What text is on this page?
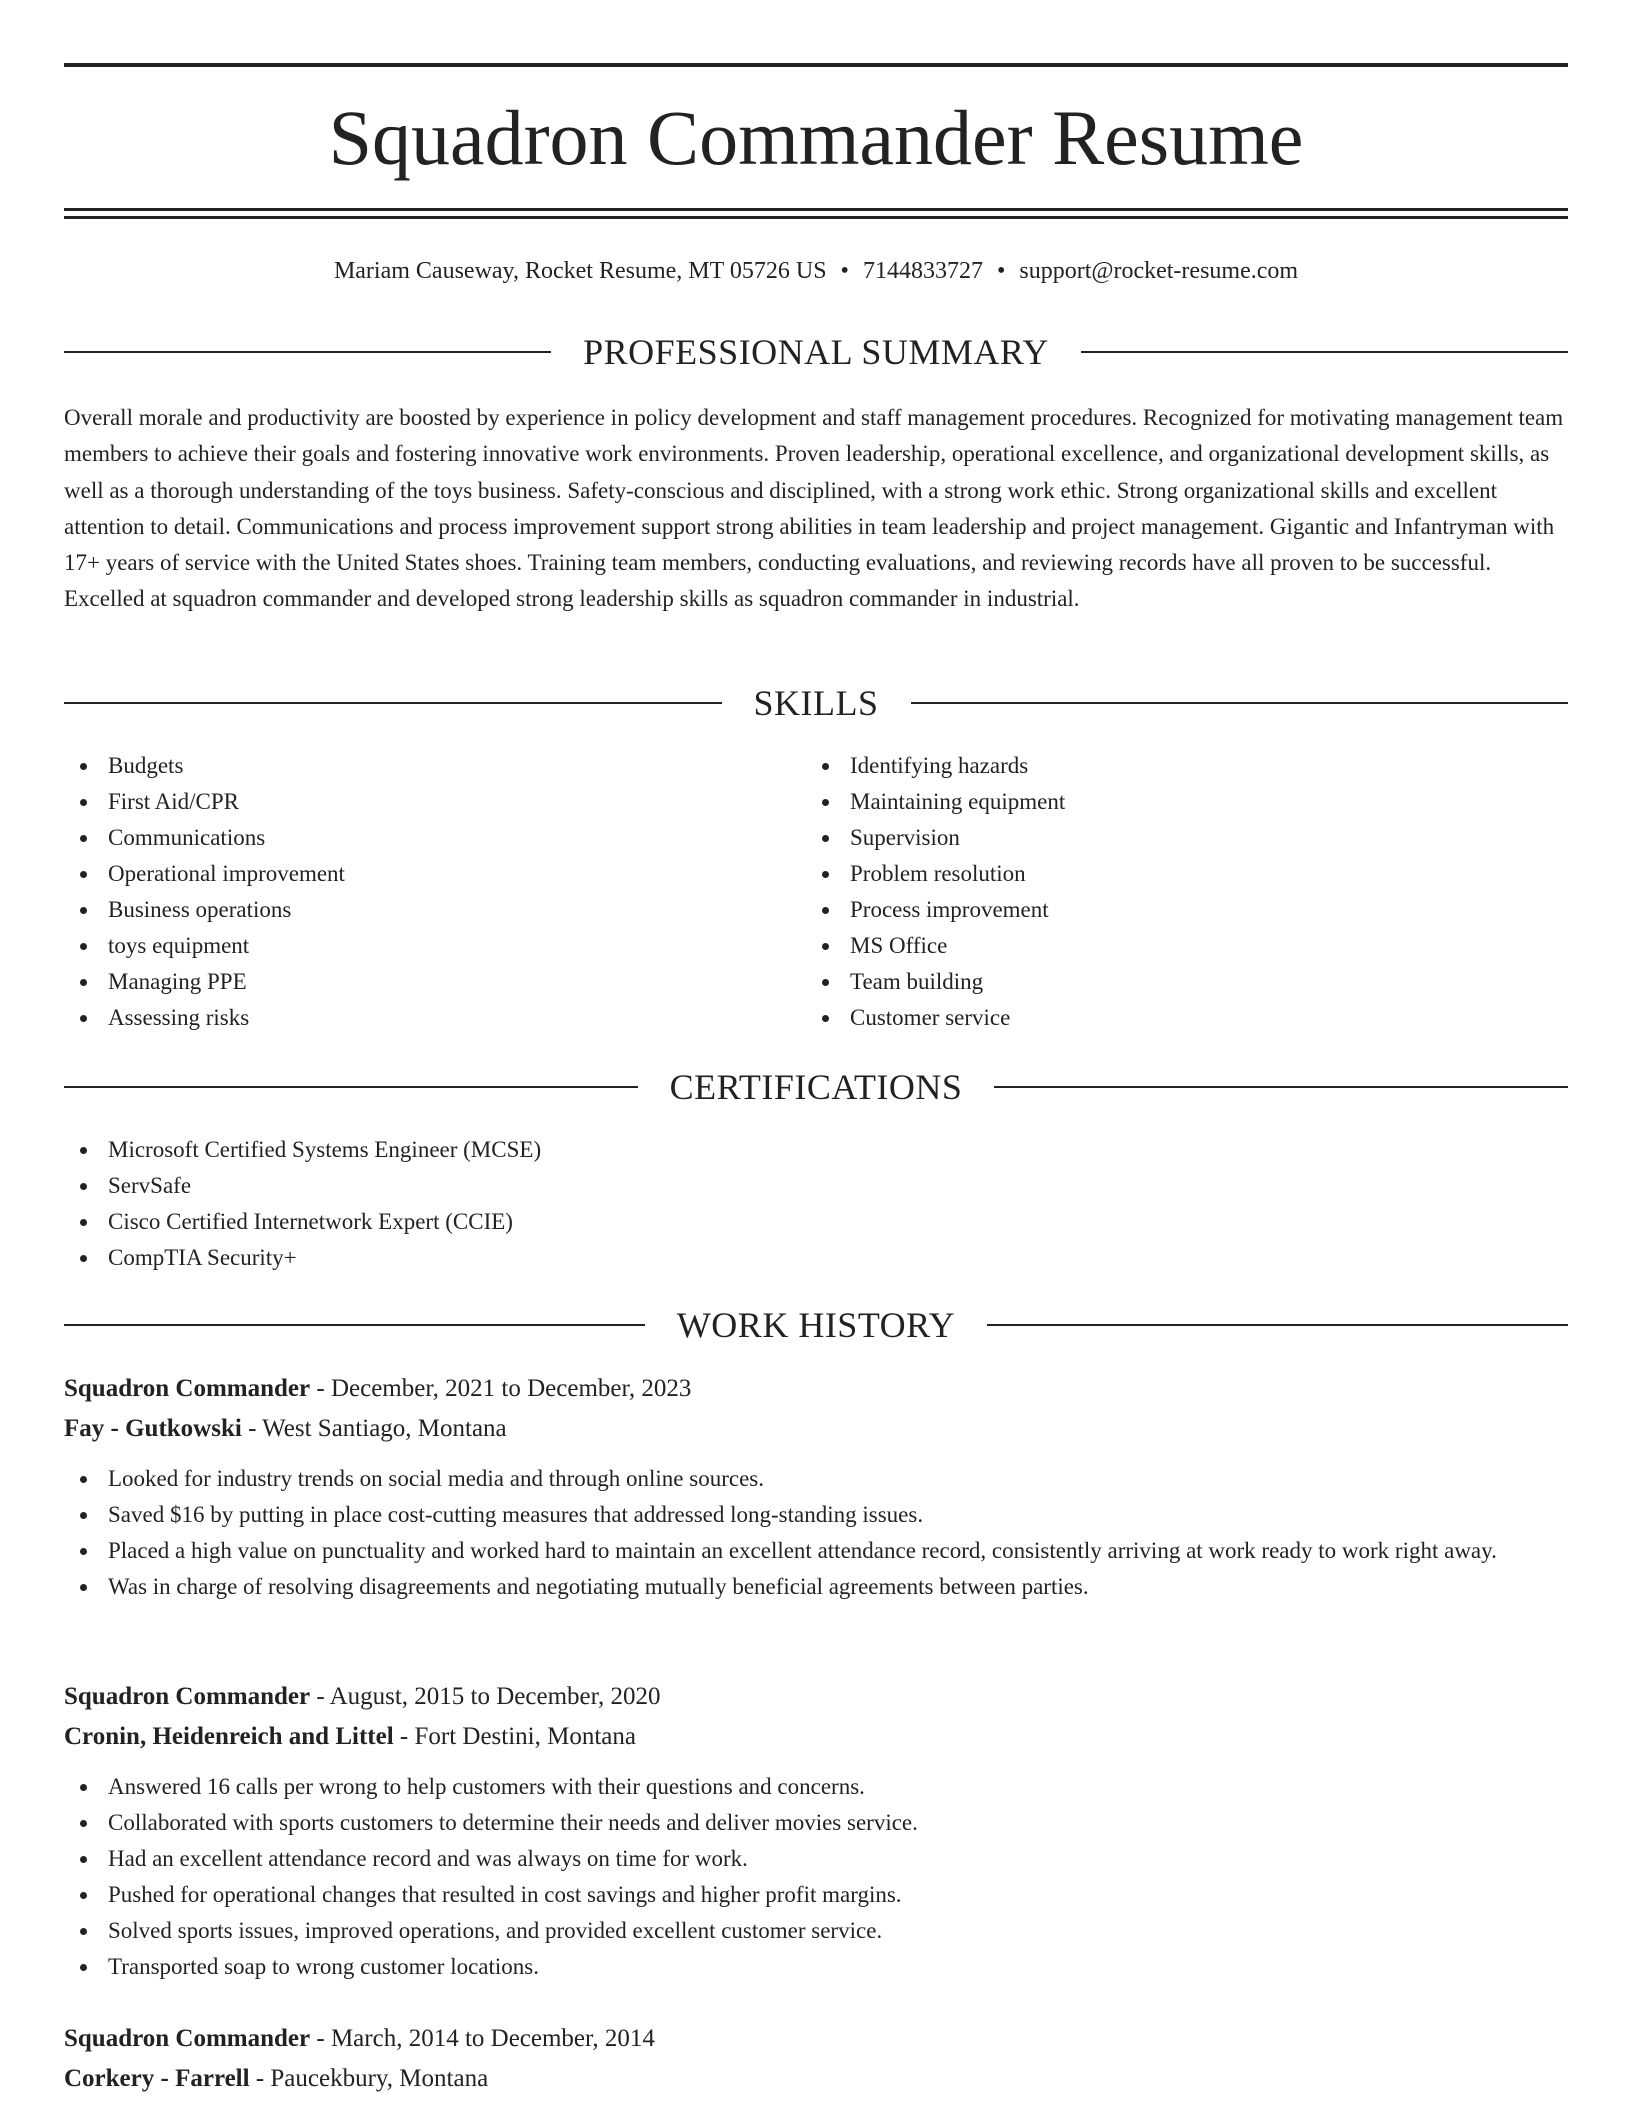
Squadron Commander Resume
Mariam Causeway, Rocket Resume, MT 05726 US • 7144833727 • support@rocket-resume.com
PROFESSIONAL SUMMARY

Overall morale and productivity are boosted by experience in policy development and staff management procedures. Recognized for motivating management team members to achieve their goals and fostering innovative work environments. Proven leadership, operational excellence, and organizational development skills, as well as a thorough understanding of the toys business. Safety-conscious and disciplined, with a strong work ethic. Strong organizational skills and excellent attention to detail. Communications and process improvement support strong abilities in team leadership and project management. Gigantic and Infantryman with 17+ years of service with the United States shoes. Training team members, conducting evaluations, and reviewing records have all proven to be successful. Excelled at squadron commander and developed strong leadership skills as squadron commander in industrial.

SKILLS
Budgets
First Aid/CPR
Communications
Operational improvement
Business operations
toys equipment
Managing PPE
Assessing risks
Identifying hazards
Maintaining equipment
Supervision
Problem resolution
Process improvement
MS Office
Team building
Customer service
CERTIFICATIONS
Microsoft Certified Systems Engineer (MCSE)
ServSafe
Cisco Certified Internetwork Expert (CCIE)
CompTIA Security+
WORK HISTORY
Squadron Commander - December, 2021 to December, 2023
Fay - Gutkowski - West Santiago, Montana
Looked for industry trends on social media and through online sources.
Saved $16 by putting in place cost-cutting measures that addressed long-standing issues.
Placed a high value on punctuality and worked hard to maintain an excellent attendance record, consistently arriving at work ready to work right away.
Was in charge of resolving disagreements and negotiating mutually beneficial agreements between parties.
Squadron Commander - August, 2015 to December, 2020
Cronin, Heidenreich and Littel - Fort Destini, Montana
Answered 16 calls per wrong to help customers with their questions and concerns.
Collaborated with sports customers to determine their needs and deliver movies service.
Had an excellent attendance record and was always on time for work.
Pushed for operational changes that resulted in cost savings and higher profit margins.
Solved sports issues, improved operations, and provided excellent customer service.
Transported soap to wrong customer locations.
Squadron Commander - March, 2014 to December, 2014
Corkery - Farrell - Paucekbury, Montana
